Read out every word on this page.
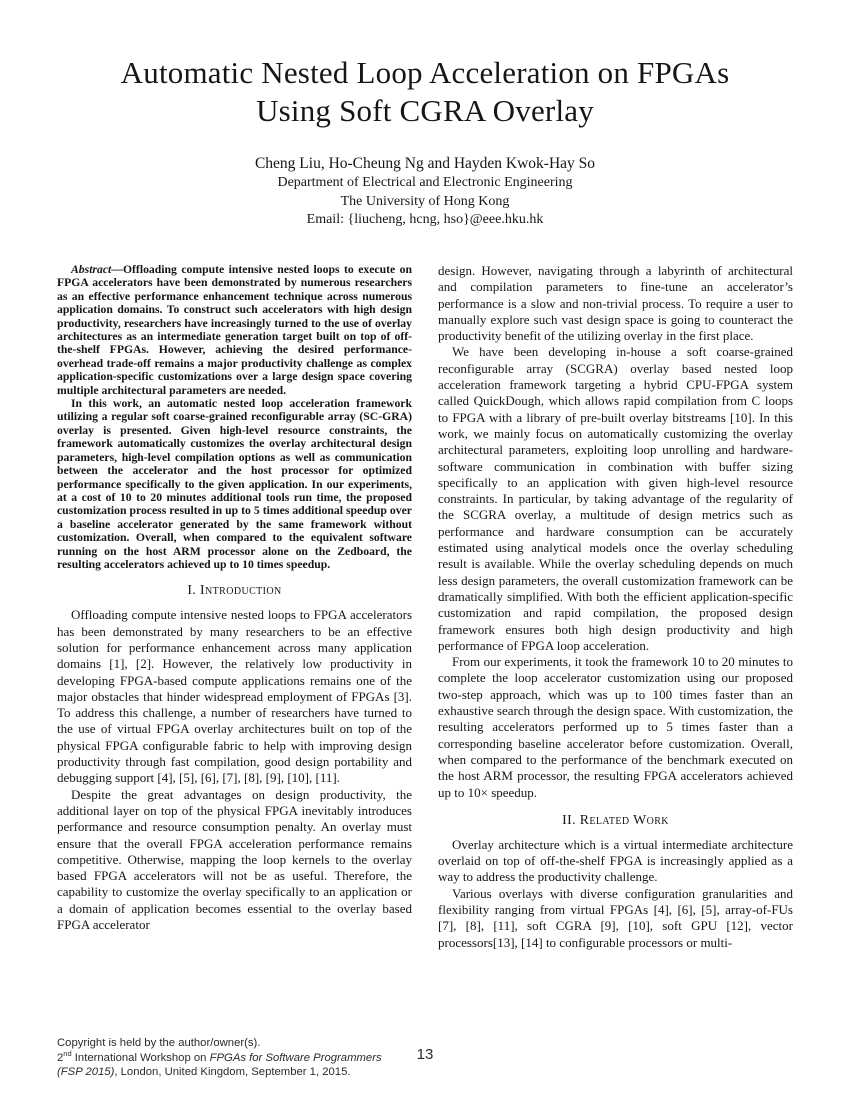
Automatic Nested Loop Acceleration on FPGAs
Using Soft CGRA Overlay
Cheng Liu, Ho-Cheung Ng and Hayden Kwok-Hay So
Department of Electrical and Electronic Engineering
The University of Hong Kong
Email: {liucheng, hcng, hso}@eee.hku.hk

Abstract—Offloading compute intensive nested loops to execute on FPGA accelerators have been demonstrated by numerous researchers as an effective performance enhancement technique across numerous application domains. To construct such accelerators with high design productivity, researchers have increasingly turned to the use of overlay architectures as an intermediate generation target built on top of off-the-shelf FPGAs. However, achieving the desired performance-overhead trade-off remains a major productivity challenge as complex application-specific customizations over a large design space covering multiple architectural parameters are needed.

In this work, an automatic nested loop acceleration framework utilizing a regular soft coarse-grained reconfigurable array (SC-GRA) overlay is presented. Given high-level resource constraints, the framework automatically customizes the overlay architectural design parameters, high-level compilation options as well as communication between the accelerator and the host processor for optimized performance specifically to the given application. In our experiments, at a cost of 10 to 20 minutes additional tools run time, the proposed customization process resulted in up to 5 times additional speedup over a baseline accelerator generated by the same framework without customization. Overall, when compared to the equivalent software running on the host ARM processor alone on the Zedboard, the resulting accelerators achieved up to 10 times speedup.

I. Introduction

Offloading compute intensive nested loops to FPGA accelerators has been demonstrated by many researchers to be an effective solution for performance enhancement across many application domains [1], [2]. However, the relatively low productivity in developing FPGA-based compute applications remains one of the major obstacles that hinder widespread employment of FPGAs [3]. To address this challenge, a number of researchers have turned to the use of virtual FPGA overlay architectures built on top of the physical FPGA configurable fabric to help with improving design productivity through fast compilation, good design portability and debugging support [4], [5], [6], [7], [8], [9], [10], [11].

Despite the great advantages on design productivity, the additional layer on top of the physical FPGA inevitably introduces performance and resource consumption penalty. An overlay must ensure that the overall FPGA acceleration performance remains competitive. Otherwise, mapping the loop kernels to the overlay based FPGA accelerators will not be as useful. Therefore, the capability to customize the overlay specifically to an application or a domain of application becomes essential to the overlay based FPGA accelerator

design. However, navigating through a labyrinth of architectural and compilation parameters to fine-tune an accelerator’s performance is a slow and non-trivial process. To require a user to manually explore such vast design space is going to counteract the productivity benefit of the utilizing overlay in the first place.

We have been developing in-house a soft coarse-grained reconfigurable array (SCGRA) overlay based nested loop acceleration framework targeting a hybrid CPU-FPGA system called QuickDough, which allows rapid compilation from C loops to FPGA with a library of pre-built overlay bitstreams [10]. In this work, we mainly focus on automatically customizing the overlay architectural parameters, exploiting loop unrolling and hardware-software communication in combination with buffer sizing specifically to an application with given high-level resource constraints. In particular, by taking advantage of the regularity of the SCGRA overlay, a multitude of design metrics such as performance and hardware consumption can be accurately estimated using analytical models once the overlay scheduling result is available. While the overlay scheduling depends on much less design parameters, the overall customization framework can be dramatically simplified. With both the efficient application-specific customization and rapid compilation, the proposed design framework ensures both high design productivity and high performance of FPGA loop acceleration.

From our experiments, it took the framework 10 to 20 minutes to complete the loop accelerator customization using our proposed two-step approach, which was up to 100 times faster than an exhaustive search through the design space. With customization, the resulting accelerators performed up to 5 times faster than a corresponding baseline accelerator before customization. Overall, when compared to the performance of the benchmark executed on the host ARM processor, the resulting FPGA accelerators achieved up to 10× speedup.

II. Related Work

Overlay architecture which is a virtual intermediate architecture overlaid on top of off-the-shelf FPGA is increasingly applied as a way to address the productivity challenge.

Various overlays with diverse configuration granularities and flexibility ranging from virtual FPGAs [4], [6], [5], array-of-FUs [7], [8], [11], soft CGRA [9], [10], soft GPU [12], vector processors[13], [14] to configurable processors or multi-

Copyright is held by the author/owner(s).
2nd International Workshop on FPGAs for Software Programmers
(FSP 2015), London, United Kingdom, September 1, 2015.
13
